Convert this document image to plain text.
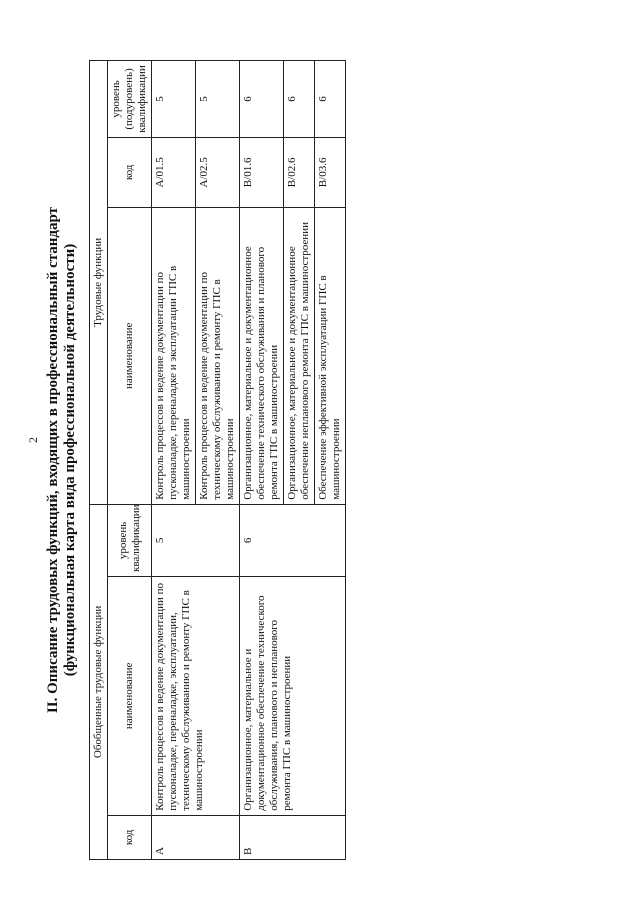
2 II. Описание трудовых функций, входящих в профессиональный стандарт (функциональная карта вида профессиональной деятельности)
Обобщенные трудовые функции			Трудовые функции		
код	наименование	уровень квалификации	наименование	код	уровень (подуровень) квалификации
A	Контроль процессов и ведение документации по пусконаладке, переналадке, эксплуатации, техническому обслуживанию и ремонту ГПС в машиностроении	5	Контроль процессов и ведение документации по пусконаладке, переналадке и эксплуатации ГПС в машиностроении	A/01.5	5
			Контроль процессов и ведение документации по техническому обслуживанию и ремонту ГПС в машиностроении	A/02.5	5
B	Организационное, материальное и документационное обеспечение технического обслуживания, планового и непланового ремонта ГПС в машиностроении	6	Организационное, материальное и документационное обеспечение технического обслуживания и планового ремонта ГПС в машиностроении	B/01.6	6
			Организационное, материальное и документационное обеспечение непланового ремонта ГПС в машиностроении	B/02.6	6
			Обеспечение эффективной эксплуатации ГПС в машиностроении	B/03.6	6
